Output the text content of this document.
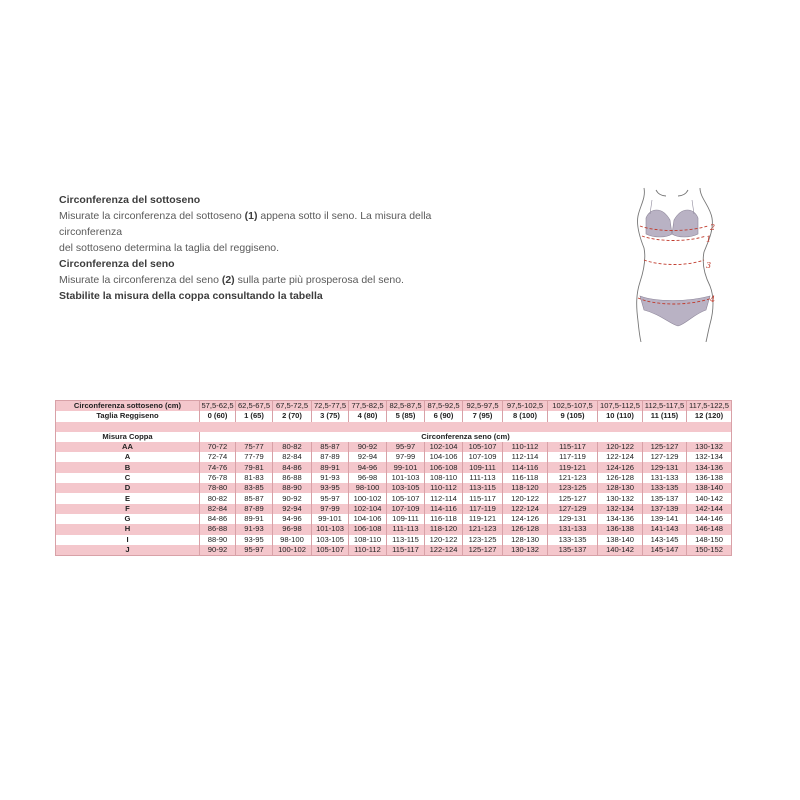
Circonferenza del sottoseno
Misurate la circonferenza del sottoseno (1) appena sotto il seno. La misura della
circonferenza
del sottoseno determina la taglia del reggiseno.
Circonferenza del seno
Misurate la circonferenza del seno (2) sulla parte più prosperosa del seno.
Stabilite la misura della coppa consultando la tabella
1
2
3
4
Circonferenza sottoseno (cm)	57,5-62,5	62,5-67,5	67,5-72,5	72,5-77,5	77,5-82,5	82,5-87,5	87,5-92,5	92,5-97,5	97,5-102,5	102,5-107,5	107,5-112,5	112,5-117,5	117,5-122,5
Taglia Reggiseno	0 (60)	1 (65)	2 (70)	3 (75)	4 (80)	5 (85)	6 (90)	7 (95)	8 (100)	9 (105)	10 (110)	11 (115)	12 (120)

Misura Coppa	Circonferenza seno (cm)												
AA	70-72	75-77	80-82	85-87	90-92	95-97	102-104	105-107	110-112	115-117	120-122	125-127	130-132
A	72-74	77-79	82-84	87-89	92-94	97-99	104-106	107-109	112-114	117-119	122-124	127-129	132-134
B	74-76	79-81	84-86	89-91	94-96	99-101	106-108	109-111	114-116	119-121	124-126	129-131	134-136
C	76-78	81-83	86-88	91-93	96-98	101-103	108-110	111-113	116-118	121-123	126-128	131-133	136-138
D	78-80	83-85	88-90	93-95	98-100	103-105	110-112	113-115	118-120	123-125	128-130	133-135	138-140
E	80-82	85-87	90-92	95-97	100-102	105-107	112-114	115-117	120-122	125-127	130-132	135-137	140-142
F	82-84	87-89	92-94	97-99	102-104	107-109	114-116	117-119	122-124	127-129	132-134	137-139	142-144
G	84-86	89-91	94-96	99-101	104-106	109-111	116-118	119-121	124-126	129-131	134-136	139-141	144-146
H	86-88	91-93	96-98	101-103	106-108	111-113	118-120	121-123	126-128	131-133	136-138	141-143	146-148
I	88-90	93-95	98-100	103-105	108-110	113-115	120-122	123-125	128-130	133-135	138-140	143-145	148-150
J	90-92	95-97	100-102	105-107	110-112	115-117	122-124	125-127	130-132	135-137	140-142	145-147	150-152
